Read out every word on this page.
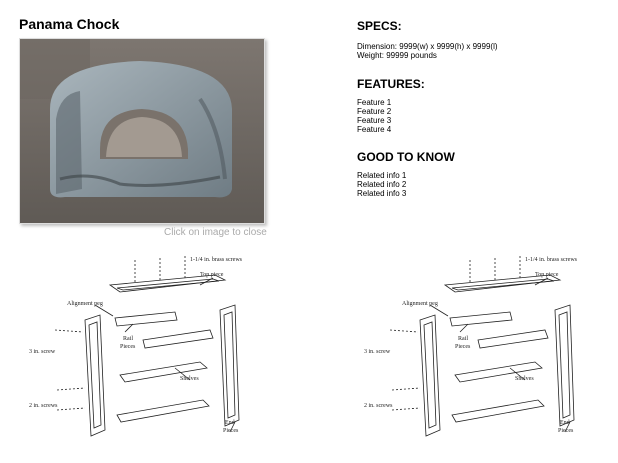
Panama Chock
Click on image to close
SPECS:
Dimension: 9999(w) x 9999(h) x 9999(l)
Weight: 99999 pounds
FEATURES:
Feature 1
Feature 2
Feature 3
Feature 4
GOOD TO KNOW
Related info 1
Related info 2
Related info 3
1-1/4 in. brass screws
Top piece
Alignment peg
Rail
Pieces
3 in. screw
Shelves
2 in. screws
End
Pieces
1-1/4 in. brass screws
Top piece
Alignment peg
Rail
Pieces
3 in. screw
Shelves
2 in. screws
End
Pieces
